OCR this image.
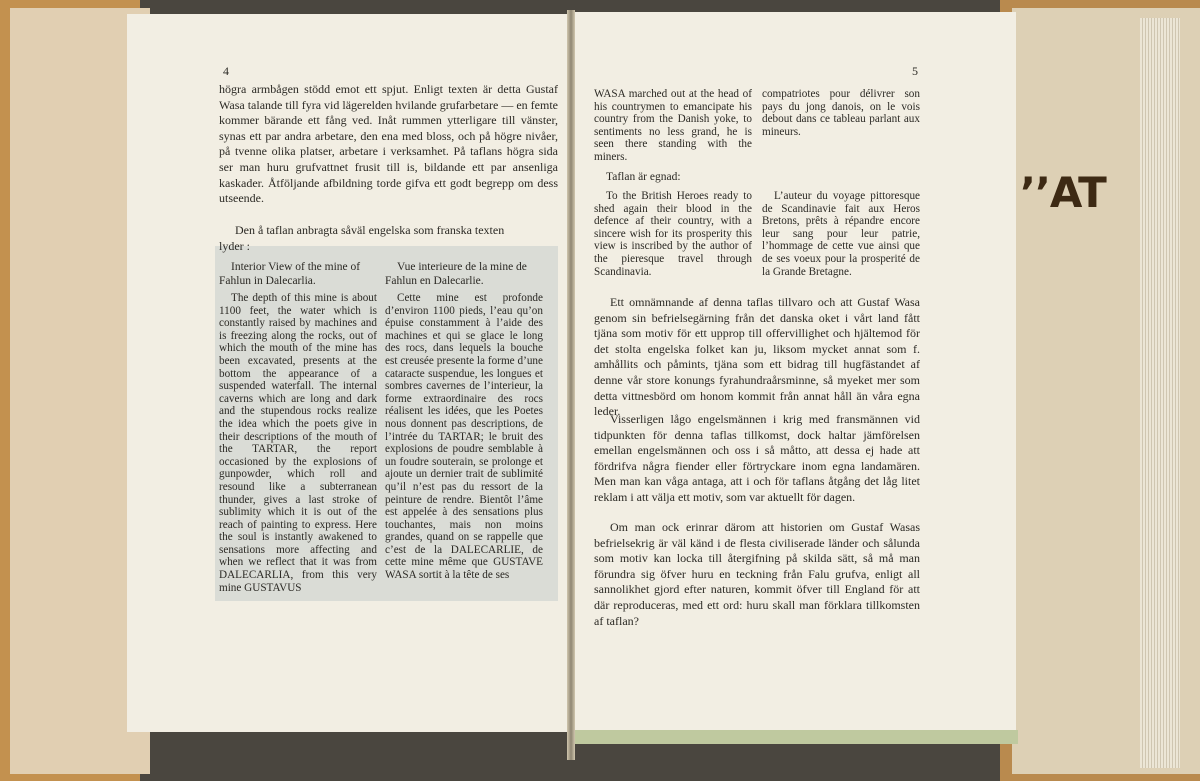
’’AT
4

högra armbågen stödd emot ett spjut. Enligt texten är detta Gustaf Wasa talande till fyra vid lägerelden hvilande grufarbetare — en femte kommer bärande ett fång ved. Inåt rummen ytterligare till vänster, synas ett par andra arbetare, den ena med bloss, och på högre nivåer, på tvenne olika platser, arbetare i verksamhet. På taflans högra sida ser man huru grufvattnet frusit till is, bildande ett par ansenliga kaskader. Åtföljande afbildning torde gifva ett godt begrepp om dess utseende.

Den å taflan anbragta såväl engelska som franska texten
lyder :
Interior View of the mine of Fahlun in Dalecarlia.

The depth of this mine is about 1100 feet, the water which is constantly raised by machines and is freezing along the rocks, out of which the mouth of the mine has been excavated, presents at the bottom the appearance of a suspended waterfall. The internal caverns which are long and dark and the stupendous rocks realize the idea which the poets give in their descriptions of the mouth of the TARTAR, the report occasioned by the explosions of gunpowder, which roll and resound like a subterranean thunder, gives a last stroke of sublimity which it is out of the reach of painting to express. Here the soul is instantly awakened to sensations more affecting and when we reflect that it was from DALECARLIA, from this very mine GUSTAVUS

Vue interieure de la mine de Fahlun en Dalecarlie.

Cette mine est profonde d’environ 1100 pieds, l’eau qu’on épuise constamment à l’aide des machines et qui se glace le long des rocs, dans lequels la bouche est creusée presente la forme d’une cataracte suspendue, les longues et sombres cavernes de l’interieur, la forme extraordinaire des rocs réalisent les idées, que les Poetes nous donnent pas descriptions, de l’intrée du TARTAR; le bruit des explosions de poudre semblable à un foudre souterain, se prolonge et ajoute un dernier trait de sublimité qu’il n’est pas du ressort de la peinture de rendre. Bientôt l’âme est appelée à des sensations plus touchantes, mais non moins grandes, quand on se rappelle que c’est de la DALECARLIE, de cette mine même que GUSTAVE WASA sortit à la tête de ses

5

WASA marched out at the head of his countrymen to emancipate his country from the Danish yoke, to sentiments no less grand, he is seen there standing with the miners.

compatriotes pour délivrer son pays du jong danois, on le vois debout dans ce tableau parlant aux mineurs.

Taflan är egnad:

To the British Heroes ready to shed again their blood in the defence af their country, with a sincere wish for its prosperity this view is inscribed by the author of the pieresque travel through Scandinavia.

L’auteur du voyage pittoresque de Scandinavie fait aux Heros Bretons, prêts à répandre encore leur sang pour leur patrie, l’hommage de cette vue ainsi que de ses voeux pour la prosperité de la Grande Bretagne.

Ett omnämnande af denna taflas tillvaro och att Gustaf Wasa genom sin befrielsegärning från det danska oket i vårt land fått tjäna som motiv för ett upprop till offervillighet och hjältemod för det stolta engelska folket kan ju, liksom mycket annat som f. amhållits och påmints, tjäna som ett bidrag till hugfästandet af denne vår store konungs fyrahundraårsminne, så myeket mer som detta vittnesbörd om honom kommit från annat håll än våra egna leder.

Visserligen lågo engelsmännen i krig med fransmännen vid tidpunkten för denna taflas tillkomst, dock haltar jämförelsen emellan engelsmännen och oss i så måtto, att dessa ej hade att fördrifva några fiender eller förtryckare inom egna landamären. Men man kan våga antaga, att i och för taflans åtgång det låg litet reklam i att välja ett motiv, som var aktuellt för dagen.

Om man ock erinrar därom att historien om Gustaf Wasas befrielsekrig är väl känd i de flesta civiliserade länder och sålunda som motiv kan locka till återgifning på skilda sätt, så må man förundra sig öfver huru en teckning från Falu grufva, enligt all sannolikhet gjord efter naturen, kommit öfver till England för att där reproduceras, med ett ord: huru skall man förklara tillkomsten af taflan?
